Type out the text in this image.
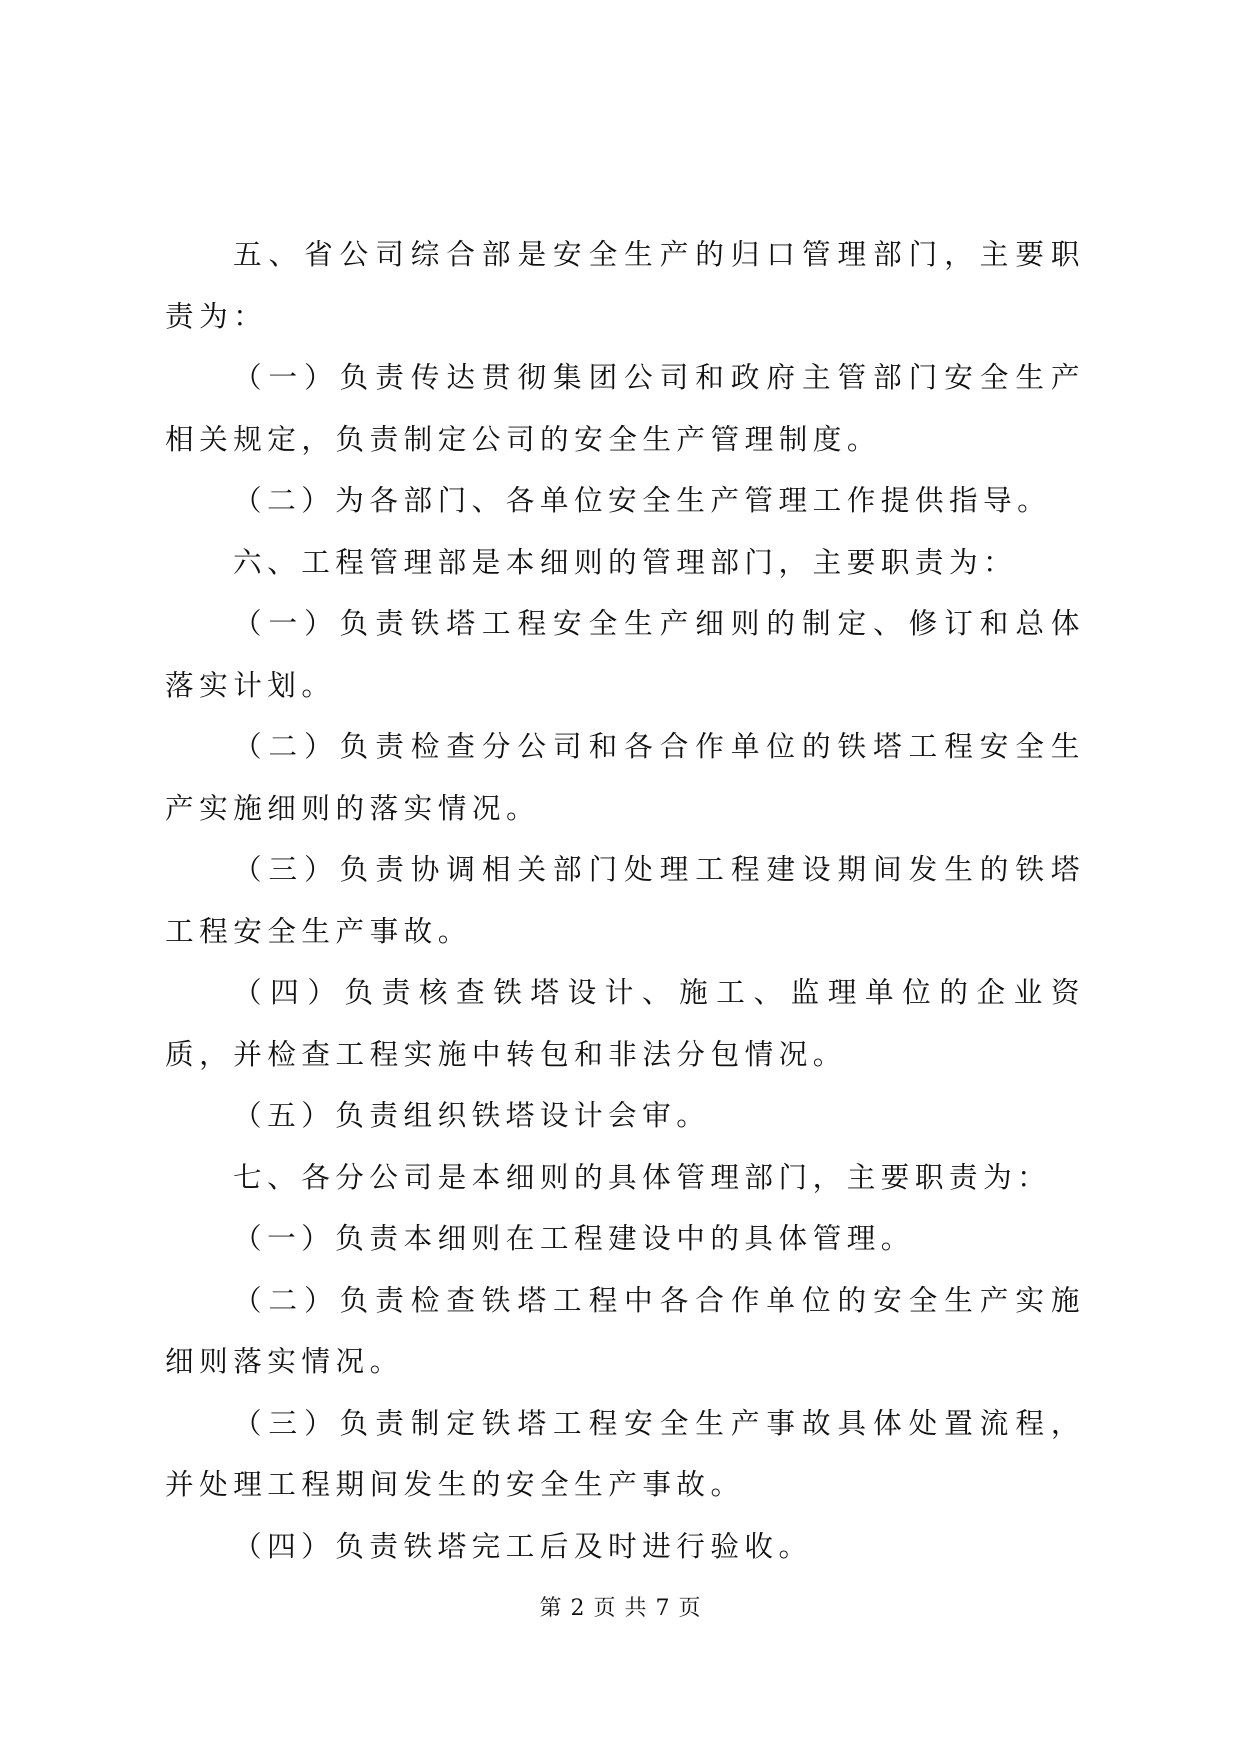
五、省公司综合部是安全生产的归口管理部门，主要职责为：

（一）负责传达贯彻集团公司和政府主管部门安全生产相关规定，负责制定公司的安全生产管理制度。

（二）为各部门、各单位安全生产管理工作提供指导。

六、工程管理部是本细则的管理部门，主要职责为：

（一）负责铁塔工程安全生产细则的制定、修订和总体落实计划。

（二）负责检查分公司和各合作单位的铁塔工程安全生产实施细则的落实情况。

（三）负责协调相关部门处理工程建设期间发生的铁塔工程安全生产事故。

（四）负责核查铁塔设计、施工、监理单位的企业资质，并检查工程实施中转包和非法分包情况。

（五）负责组织铁塔设计会审。

七、各分公司是本细则的具体管理部门，主要职责为：

（一）负责本细则在工程建设中的具体管理。

（二）负责检查铁塔工程中各合作单位的安全生产实施细则落实情况。

（三）负责制定铁塔工程安全生产事故具体处置流程，并处理工程期间发生的安全生产事故。

（四）负责铁塔完工后及时进行验收。

第 2 页 共 7 页
